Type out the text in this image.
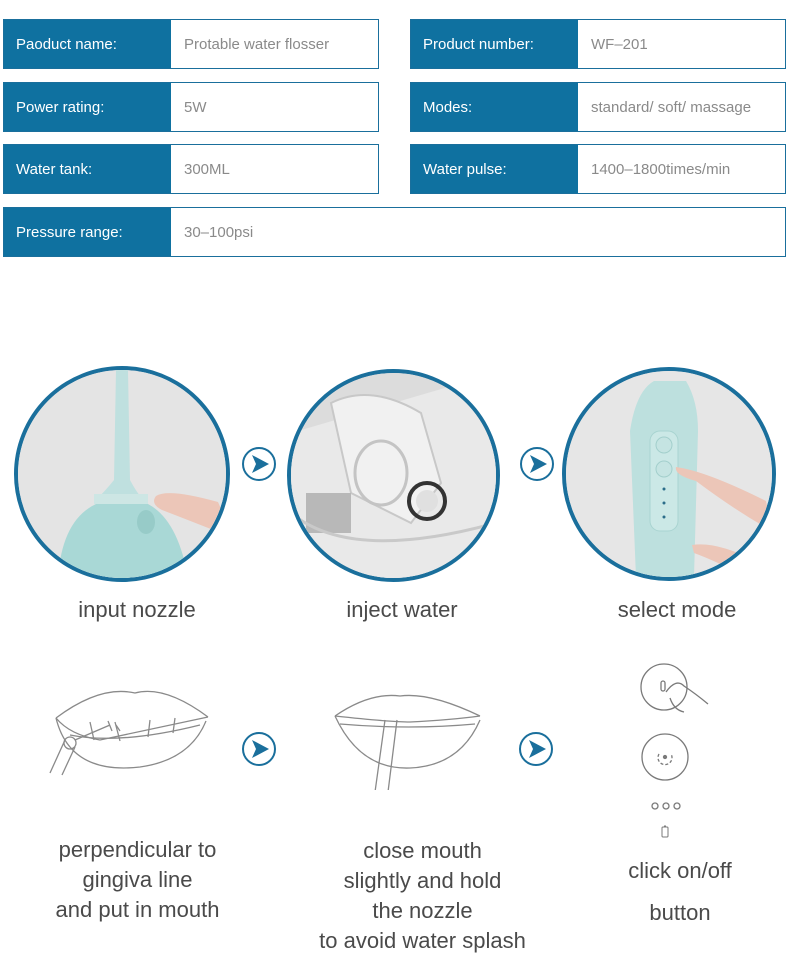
Paoduct name:	Protable water flosser	Product number:	WF–201
Power rating:	5W	Modes:	standard/ soft/ massage
Water tank:	300ML	Water pulse:	1400–1800times/min
Pressure range:	30–100psi
input nozzle	inject water	select mode
perpendicular to
gingiva line
and put in mouth
close mouth
slightly and hold
the nozzle
to avoid water splash
click on/off
button
